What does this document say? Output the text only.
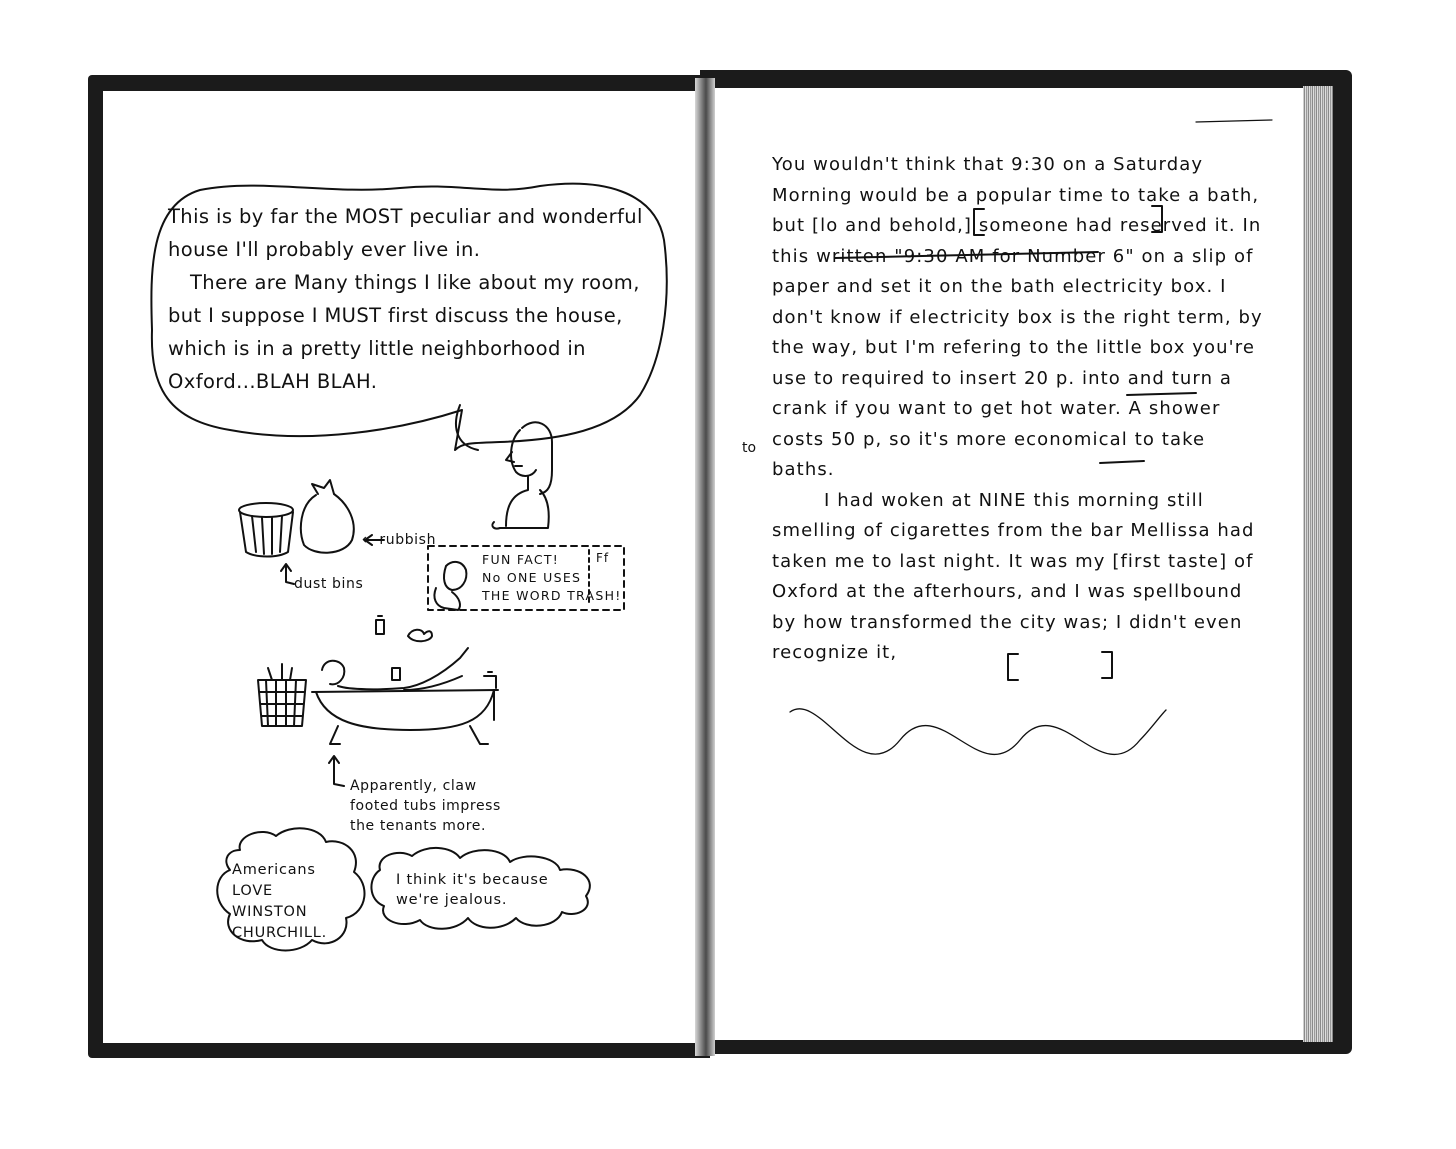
This is by far the MOST peculiar and wonderful house I'll probably ever live in.

There are Many things I like about my room, but I suppose I MUST first discuss the house, which is in a pretty little neighborhood in Oxford...BLAH BLAH.

← rubbish
dust bins
FUN FACT!
No ONE USES
THE WORD TRASH!
Ff
Apparently, claw footed tubs impress the tenants more.
Americans LOVE WINSTON CHURCHILL.
I think it's because we're jealous.
to

You wouldn't think that 9:30 on a Saturday Morning would be a popular time to take a bath, but [lo and behold,] someone had reserved it. In this written "9:30 AM for Number 6" on a slip of paper and set it on the bath electricity box. I don't know if electricity box is the right term, by the way, but I'm refering to the little box you're use to required to insert 20 p. into and turn a crank if you want to get hot water. A shower costs 50 p, so it's more economical to take baths.

I had woken at NINE this morning still smelling of cigarettes from the bar Mellissa had taken me to last night. It was my [first taste] of Oxford at the afterhours, and I was spellbound by how transformed the city was; I didn't even recognize it,
